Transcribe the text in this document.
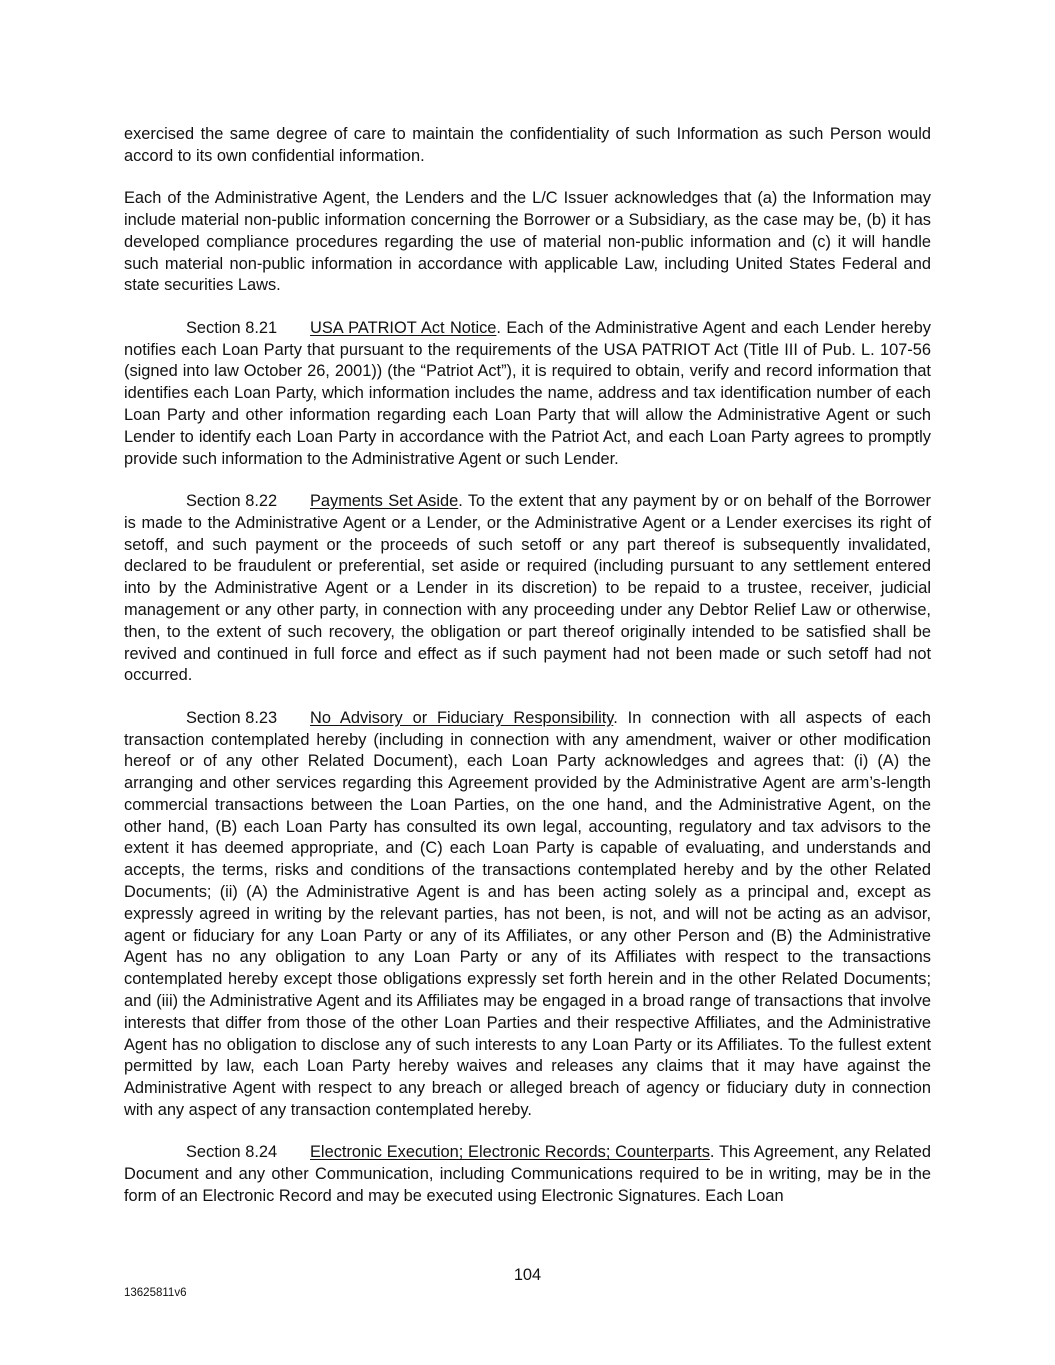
exercised the same degree of care to maintain the confidentiality of such Information as such Person would accord to its own confidential information.

Each of the Administrative Agent, the Lenders and the L/C Issuer acknowledges that (a) the Information may include material non-public information concerning the Borrower or a Subsidiary, as the case may be, (b) it has developed compliance procedures regarding the use of material non-public information and (c) it will handle such material non-public information in accordance with applicable Law, including United States Federal and state securities Laws.

Section 8.21 USA PATRIOT Act Notice. Each of the Administrative Agent and each Lender hereby notifies each Loan Party that pursuant to the requirements of the USA PATRIOT Act (Title III of Pub. L. 107-56 (signed into law October 26, 2001)) (the “Patriot Act”), it is required to obtain, verify and record information that identifies each Loan Party, which information includes the name, address and tax identification number of each Loan Party and other information regarding each Loan Party that will allow the Administrative Agent or such Lender to identify each Loan Party in accordance with the Patriot Act, and each Loan Party agrees to promptly provide such information to the Administrative Agent or such Lender.

Section 8.22 Payments Set Aside. To the extent that any payment by or on behalf of the Borrower is made to the Administrative Agent or a Lender, or the Administrative Agent or a Lender exercises its right of setoff, and such payment or the proceeds of such setoff or any part thereof is subsequently invalidated, declared to be fraudulent or preferential, set aside or required (including pursuant to any settlement entered into by the Administrative Agent or a Lender in its discretion) to be repaid to a trustee, receiver, judicial management or any other party, in connection with any proceeding under any Debtor Relief Law or otherwise, then, to the extent of such recovery, the obligation or part thereof originally intended to be satisfied shall be revived and continued in full force and effect as if such payment had not been made or such setoff had not occurred.

Section 8.23 No Advisory or Fiduciary Responsibility. In connection with all aspects of each transaction contemplated hereby (including in connection with any amendment, waiver or other modification hereof or of any other Related Document), each Loan Party acknowledges and agrees that: (i) (A) the arranging and other services regarding this Agreement provided by the Administrative Agent are arm’s-length commercial transactions between the Loan Parties, on the one hand, and the Administrative Agent, on the other hand, (B) each Loan Party has consulted its own legal, accounting, regulatory and tax advisors to the extent it has deemed appropriate, and (C) each Loan Party is capable of evaluating, and understands and accepts, the terms, risks and conditions of the transactions contemplated hereby and by the other Related Documents; (ii) (A) the Administrative Agent is and has been acting solely as a principal and, except as expressly agreed in writing by the relevant parties, has not been, is not, and will not be acting as an advisor, agent or fiduciary for any Loan Party or any of its Affiliates, or any other Person and (B) the Administrative Agent has no any obligation to any Loan Party or any of its Affiliates with respect to the transactions contemplated hereby except those obligations expressly set forth herein and in the other Related Documents; and (iii) the Administrative Agent and its Affiliates may be engaged in a broad range of transactions that involve interests that differ from those of the other Loan Parties and their respective Affiliates, and the Administrative Agent has no obligation to disclose any of such interests to any Loan Party or its Affiliates. To the fullest extent permitted by law, each Loan Party hereby waives and releases any claims that it may have against the Administrative Agent with respect to any breach or alleged breach of agency or fiduciary duty in connection with any aspect of any transaction contemplated hereby.

Section 8.24 Electronic Execution; Electronic Records; Counterparts. This Agreement, any Related Document and any other Communication, including Communications required to be in writing, may be in the form of an Electronic Record and may be executed using Electronic Signatures. Each Loan

104
13625811v6
